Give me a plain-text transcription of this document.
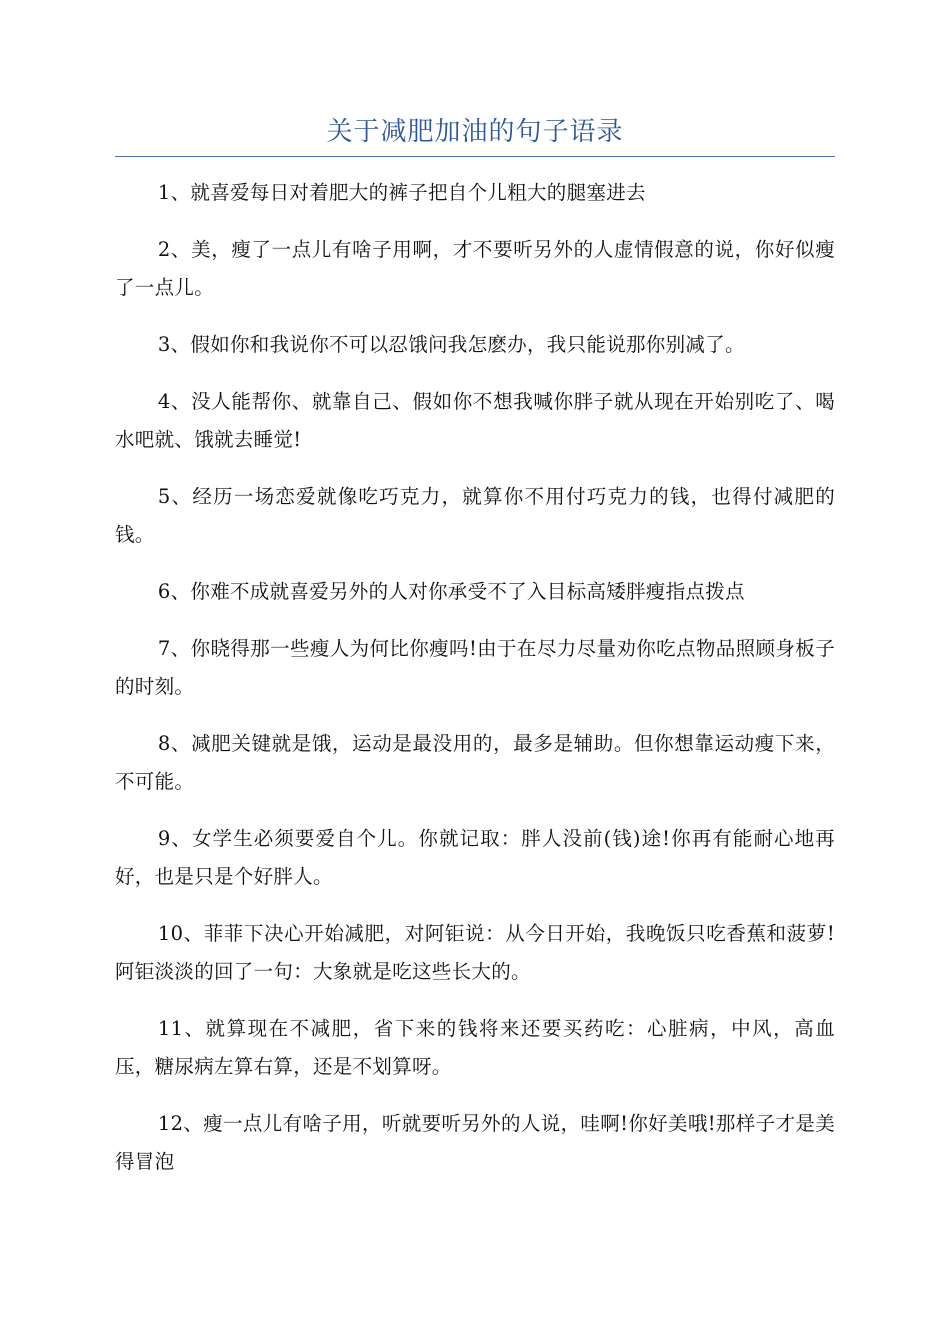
关于减肥加油的句子语录

1、就喜爱每日对着肥大的裤子把自个儿粗大的腿塞进去

2、美，瘦了一点儿有啥子用啊，才不要听另外的人虚情假意的说，你好似瘦了一点儿。

3、假如你和我说你不可以忍饿问我怎麽办，我只能说那你别减了。

4、没人能帮你、就靠自己、假如你不想我喊你胖子就从现在开始别吃了、喝水吧就、饿就去睡觉!

5、经历一场恋爱就像吃巧克力，就算你不用付巧克力的钱，也得付减肥的钱。

6、你难不成就喜爱另外的人对你承受不了入目标高矮胖瘦指点拨点

7、你晓得那一些瘦人为何比你瘦吗!由于在尽力尽量劝你吃点物品照顾身板子的时刻。

8、减肥关键就是饿，运动是最没用的，最多是辅助。但你想靠运动瘦下来，不可能。

9、女学生必须要爱自个儿。你就记取：胖人没前(钱)途!你再有能耐心地再好，也是只是个好胖人。

10、菲菲下决心开始减肥，对阿钜说：从今日开始，我晚饭只吃香蕉和菠萝!阿钜淡淡的回了一句：大象就是吃这些长大的。

11、就算现在不减肥，省下来的钱将来还要买药吃：心脏病，中风，高血压，糖尿病左算右算，还是不划算呀。

12、瘦一点儿有啥子用，听就要听另外的人说，哇啊!你好美哦!那样子才是美得冒泡
